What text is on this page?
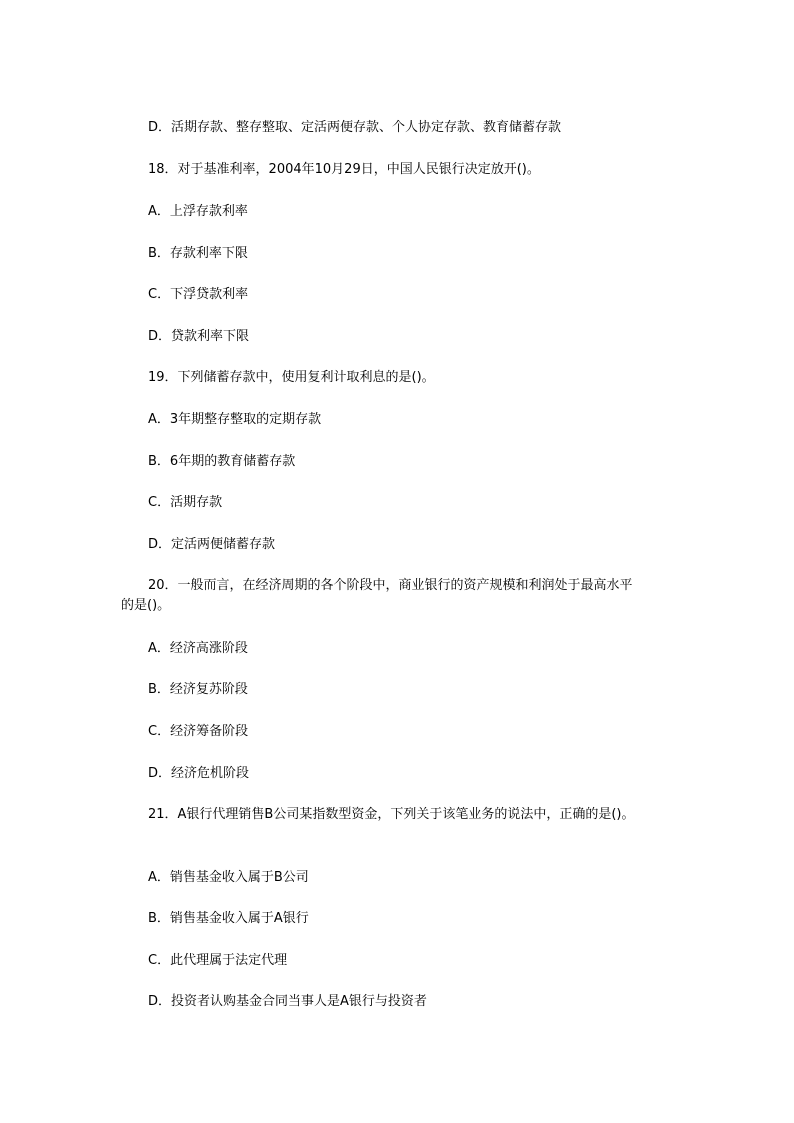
D．活期存款、整存整取、定活两便存款、个人协定存款、教育储蓄存款
18．对于基准利率，2004年10月29日，中国人民银行决定放开()。
A．上浮存款利率
B．存款利率下限
C．下浮贷款利率
D．贷款利率下限
19．下列储蓄存款中，使用复利计取利息的是()。
A．3年期整存整取的定期存款
B．6年期的教育储蓄存款
C．活期存款
D．定活两便储蓄存款
20．一般而言，在经济周期的各个阶段中，商业银行的资产规模和利润处于最高水平
的是()。
A．经济高涨阶段
B．经济复苏阶段
C．经济筹备阶段
D．经济危机阶段
21．A银行代理销售B公司某指数型资金，下列关于该笔业务的说法中，正确的是()。
A．销售基金收入属于B公司
B．销售基金收入属于A银行
C．此代理属于法定代理
D．投资者认购基金合同当事人是A银行与投资者
